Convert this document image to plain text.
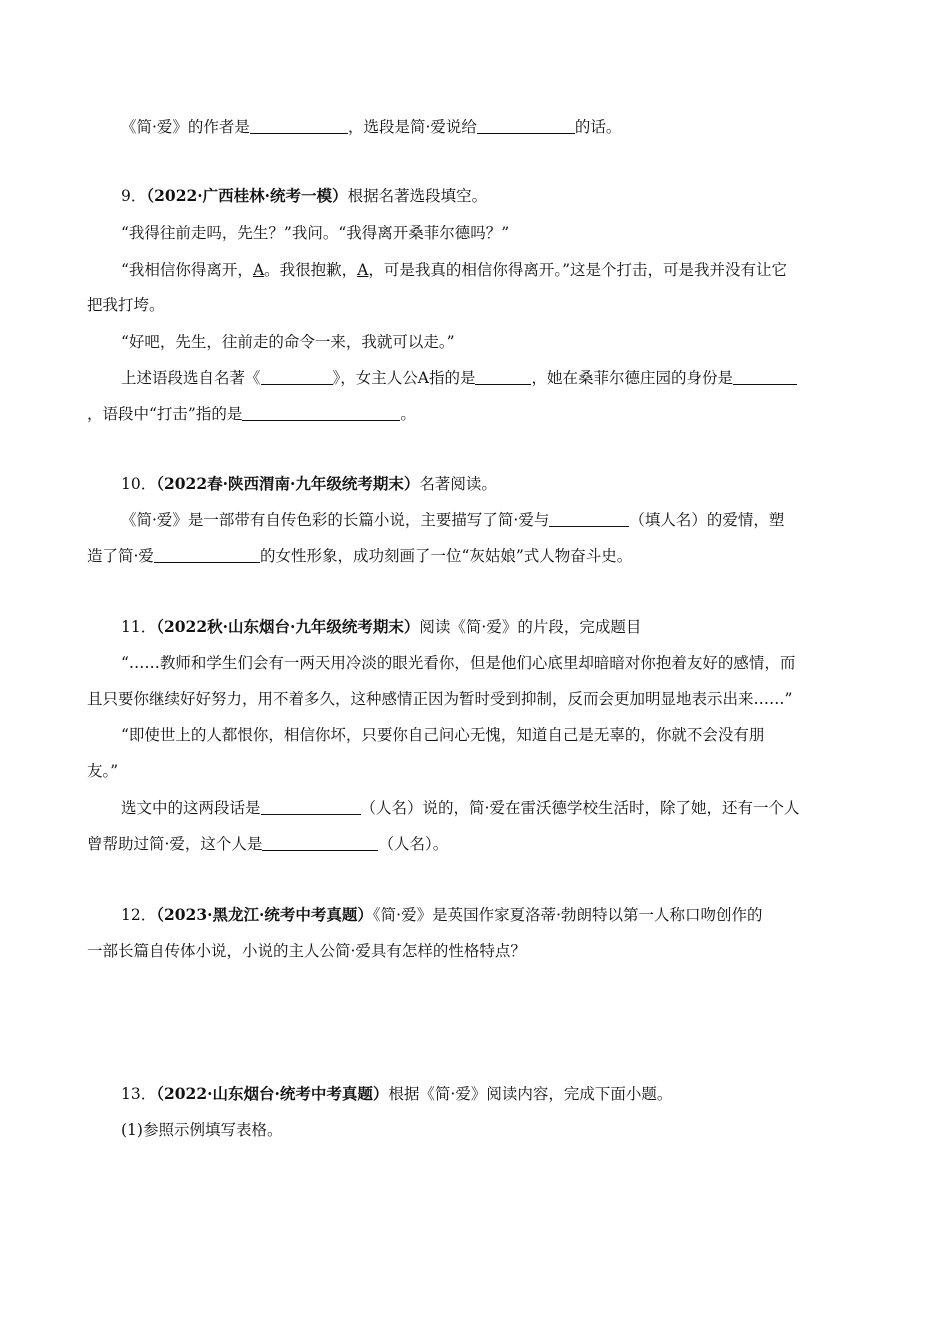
《简·爱》的作者是	，选段是简·爱说给	的话。
9．（2022·广西桂林·统考一模）根据名著选段填空。
“我得往前走吗，先生？”我问。“我得离开桑菲尔德吗？”
“我相信你得离开，A。我很抱歉，A，可是我真的相信你得离开。”这是个打击，可是我并没有让它
把我打垮。
“好吧，先生，往前走的命令一来，我就可以走。”
上述语段选自名著《	》，女主人公A指的是	，她在桑菲尔德庄园的身份是
，语段中“打击”指的是	。
10．（2022春·陕西渭南·九年级统考期末）名著阅读。
《简·爱》是一部带有自传色彩的长篇小说，主要描写了简·爱与	（填人名）的爱情，塑
造了简·爱	的女性形象，成功刻画了一位“灰姑娘”式人物奋斗史。
11．（2022秋·山东烟台·九年级统考期末）阅读《简·爱》的片段，完成题目
“……教师和学生们会有一两天用冷淡的眼光看你，但是他们心底里却暗暗对你抱着友好的感情，而
且只要你继续好好努力，用不着多久，这种感情正因为暂时受到抑制，反而会更加明显地表示出来……”
“即使世上的人都恨你，相信你坏，只要你自己问心无愧，知道自己是无辜的，你就不会没有朋
友。”
选文中的这两段话是	（人名）说的，简·爱在雷沃德学校生活时，除了她，还有一个人
曾帮助过简·爱，这个人是	（人名）。
12．（2023·黑龙江·统考中考真题）《简·爱》是英国作家夏洛蒂·勃朗特以第一人称口吻创作的
一部长篇自传体小说，小说的主人公简·爱具有怎样的性格特点？
13．（2022·山东烟台·统考中考真题）根据《简·爱》阅读内容，完成下面小题。
(1)参照示例填写表格。
